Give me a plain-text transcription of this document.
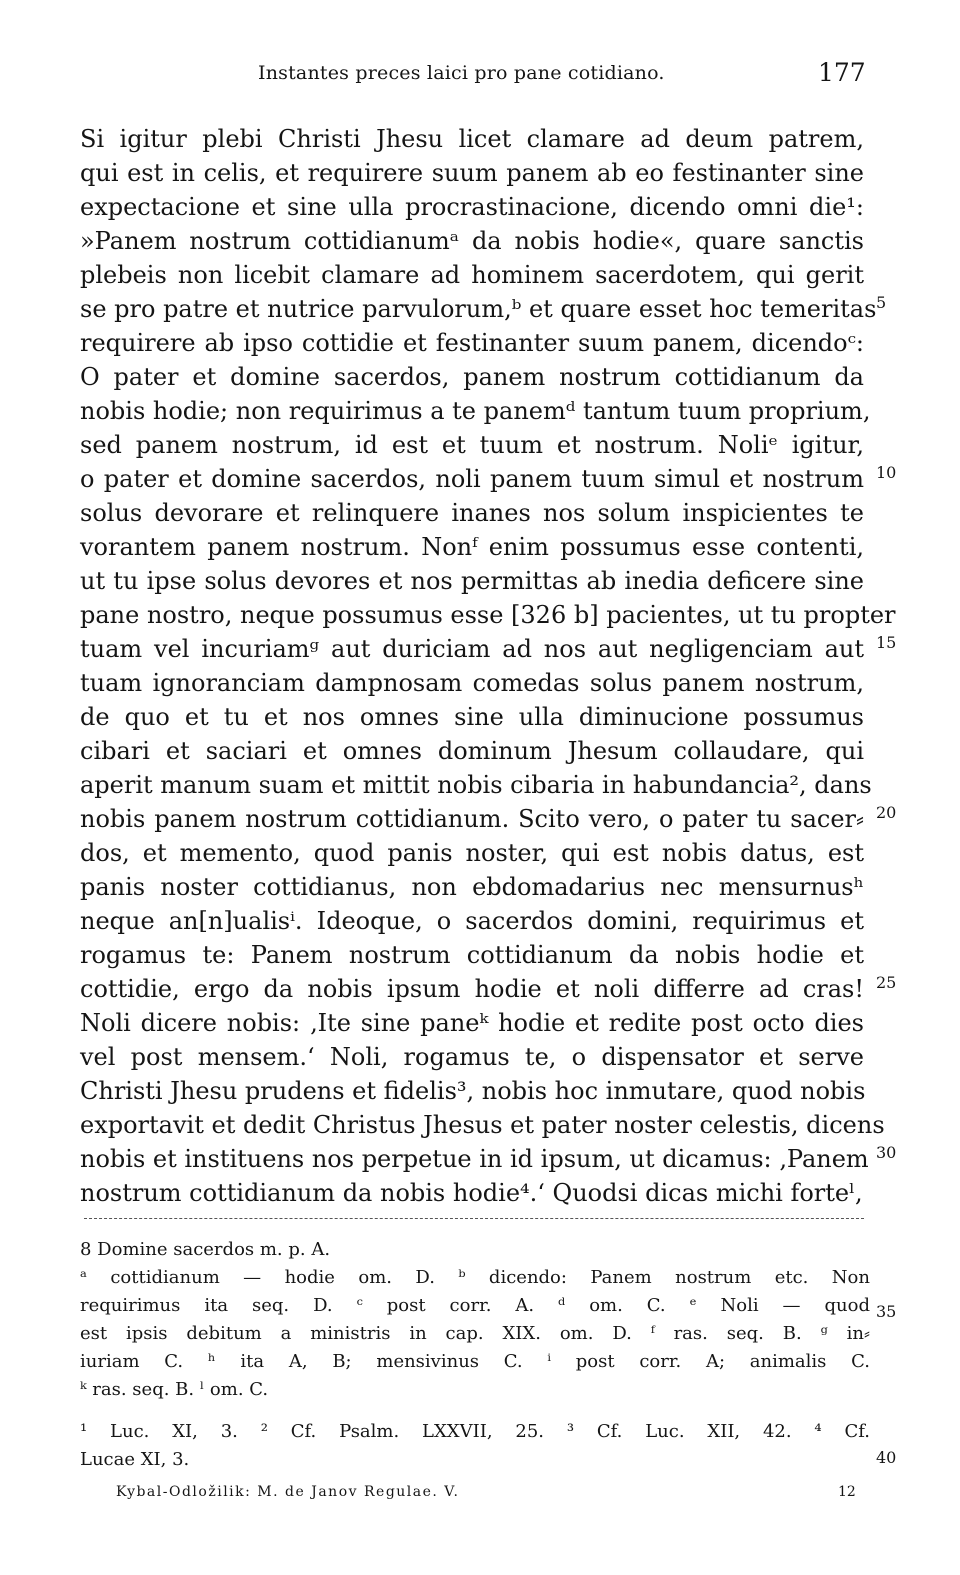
Instantes preces laici pro pane cotidiano.	177
Si igitur plebi Christi Jhesu licet clamare ad deum patrem,
qui est in celis, et requirere suum panem ab eo festinanter sine
expectacione et sine ulla procrastinacione, dicendo omni die¹:
»Panem nostrum cottidianumᵃ da nobis hodie«, quare sanctis
plebeis non licebit clamare ad hominem sacerdotem, qui gerit
se pro patre et nutrice parvulorum,ᵇ et quare esset hoc temeritas
requirere ab ipso cottidie et festinanter suum panem, dicendoᶜ:
O pater et domine sacerdos, panem nostrum cottidianum da
nobis hodie; non requirimus a te panemᵈ tantum tuum proprium,
sed panem nostrum, id est et tuum et nostrum. Noliᵉ igitur,
o pater et domine sacerdos, noli panem tuum simul et nostrum
solus devorare et relinquere inanes nos solum inspicientes te
vorantem panem nostrum. Nonᶠ enim possumus esse contenti,
ut tu ipse solus devores et nos permittas ab inedia deficere sine
pane nostro, neque possumus esse [326 b] pacientes, ut tu propter
tuam vel incuriamᵍ aut duriciam ad nos aut negligenciam aut
tuam ignoranciam dampnosam comedas solus panem nostrum,
de quo et tu et nos omnes sine ulla diminucione possumus
cibari et saciari et omnes dominum Jhesum collaudare, qui
aperit manum suam et mittit nobis cibaria in habundancia², dans
nobis panem nostrum cottidianum. Scito vero, o pater tu sacer⸗
dos, et memento, quod panis noster, qui est nobis datus, est
panis noster cottidianus, non ebdomadarius nec mensurnusʰ
neque an[n]ualisⁱ. Ideoque, o sacerdos domini, requirimus et
rogamus te: Panem nostrum cottidianum da nobis hodie et
cottidie, ergo da nobis ipsum hodie et noli differre ad cras!
Noli dicere nobis: ‚Ite sine paneᵏ hodie et redite post octo dies
vel post mensem.‘ Noli, rogamus te, o dispensator et serve
Christi Jhesu prudens et fidelis³, nobis hoc inmutare, quod nobis
exportavit et dedit Christus Jhesus et pater noster celestis, dicens
nobis et instituens nos perpetue in id ipsum, ut dicamus: ‚Panem
nostrum cottidianum da nobis hodie⁴.‘ Quodsi dicas michi forteˡ,
5
10
15
20
25
30
8 Domine sacerdos m. p. A.
ᵃ cottidianum — hodie om. D. ᵇ dicendo: Panem nostrum etc. Non
requirimus ita seq. D. ᶜ post corr. A. ᵈ om. C. ᵉ Noli — quod
est ipsis debitum a ministris in cap. XIX. om. D. ᶠ ras. seq. B. ᵍ in⸗
iuriam C. ʰ ita A, B; mensivinus C. ⁱ post corr. A; animalis C.
ᵏ ras. seq. B. ˡ om. C.
35
¹ Luc. XI, 3. ² Cf. Psalm. LXXVII, 25. ³ Cf. Luc. XII, 42. ⁴ Cf.
Lucae XI, 3.	40
Kybal-Odložilik: M. de Janov Regulae. V.	12
